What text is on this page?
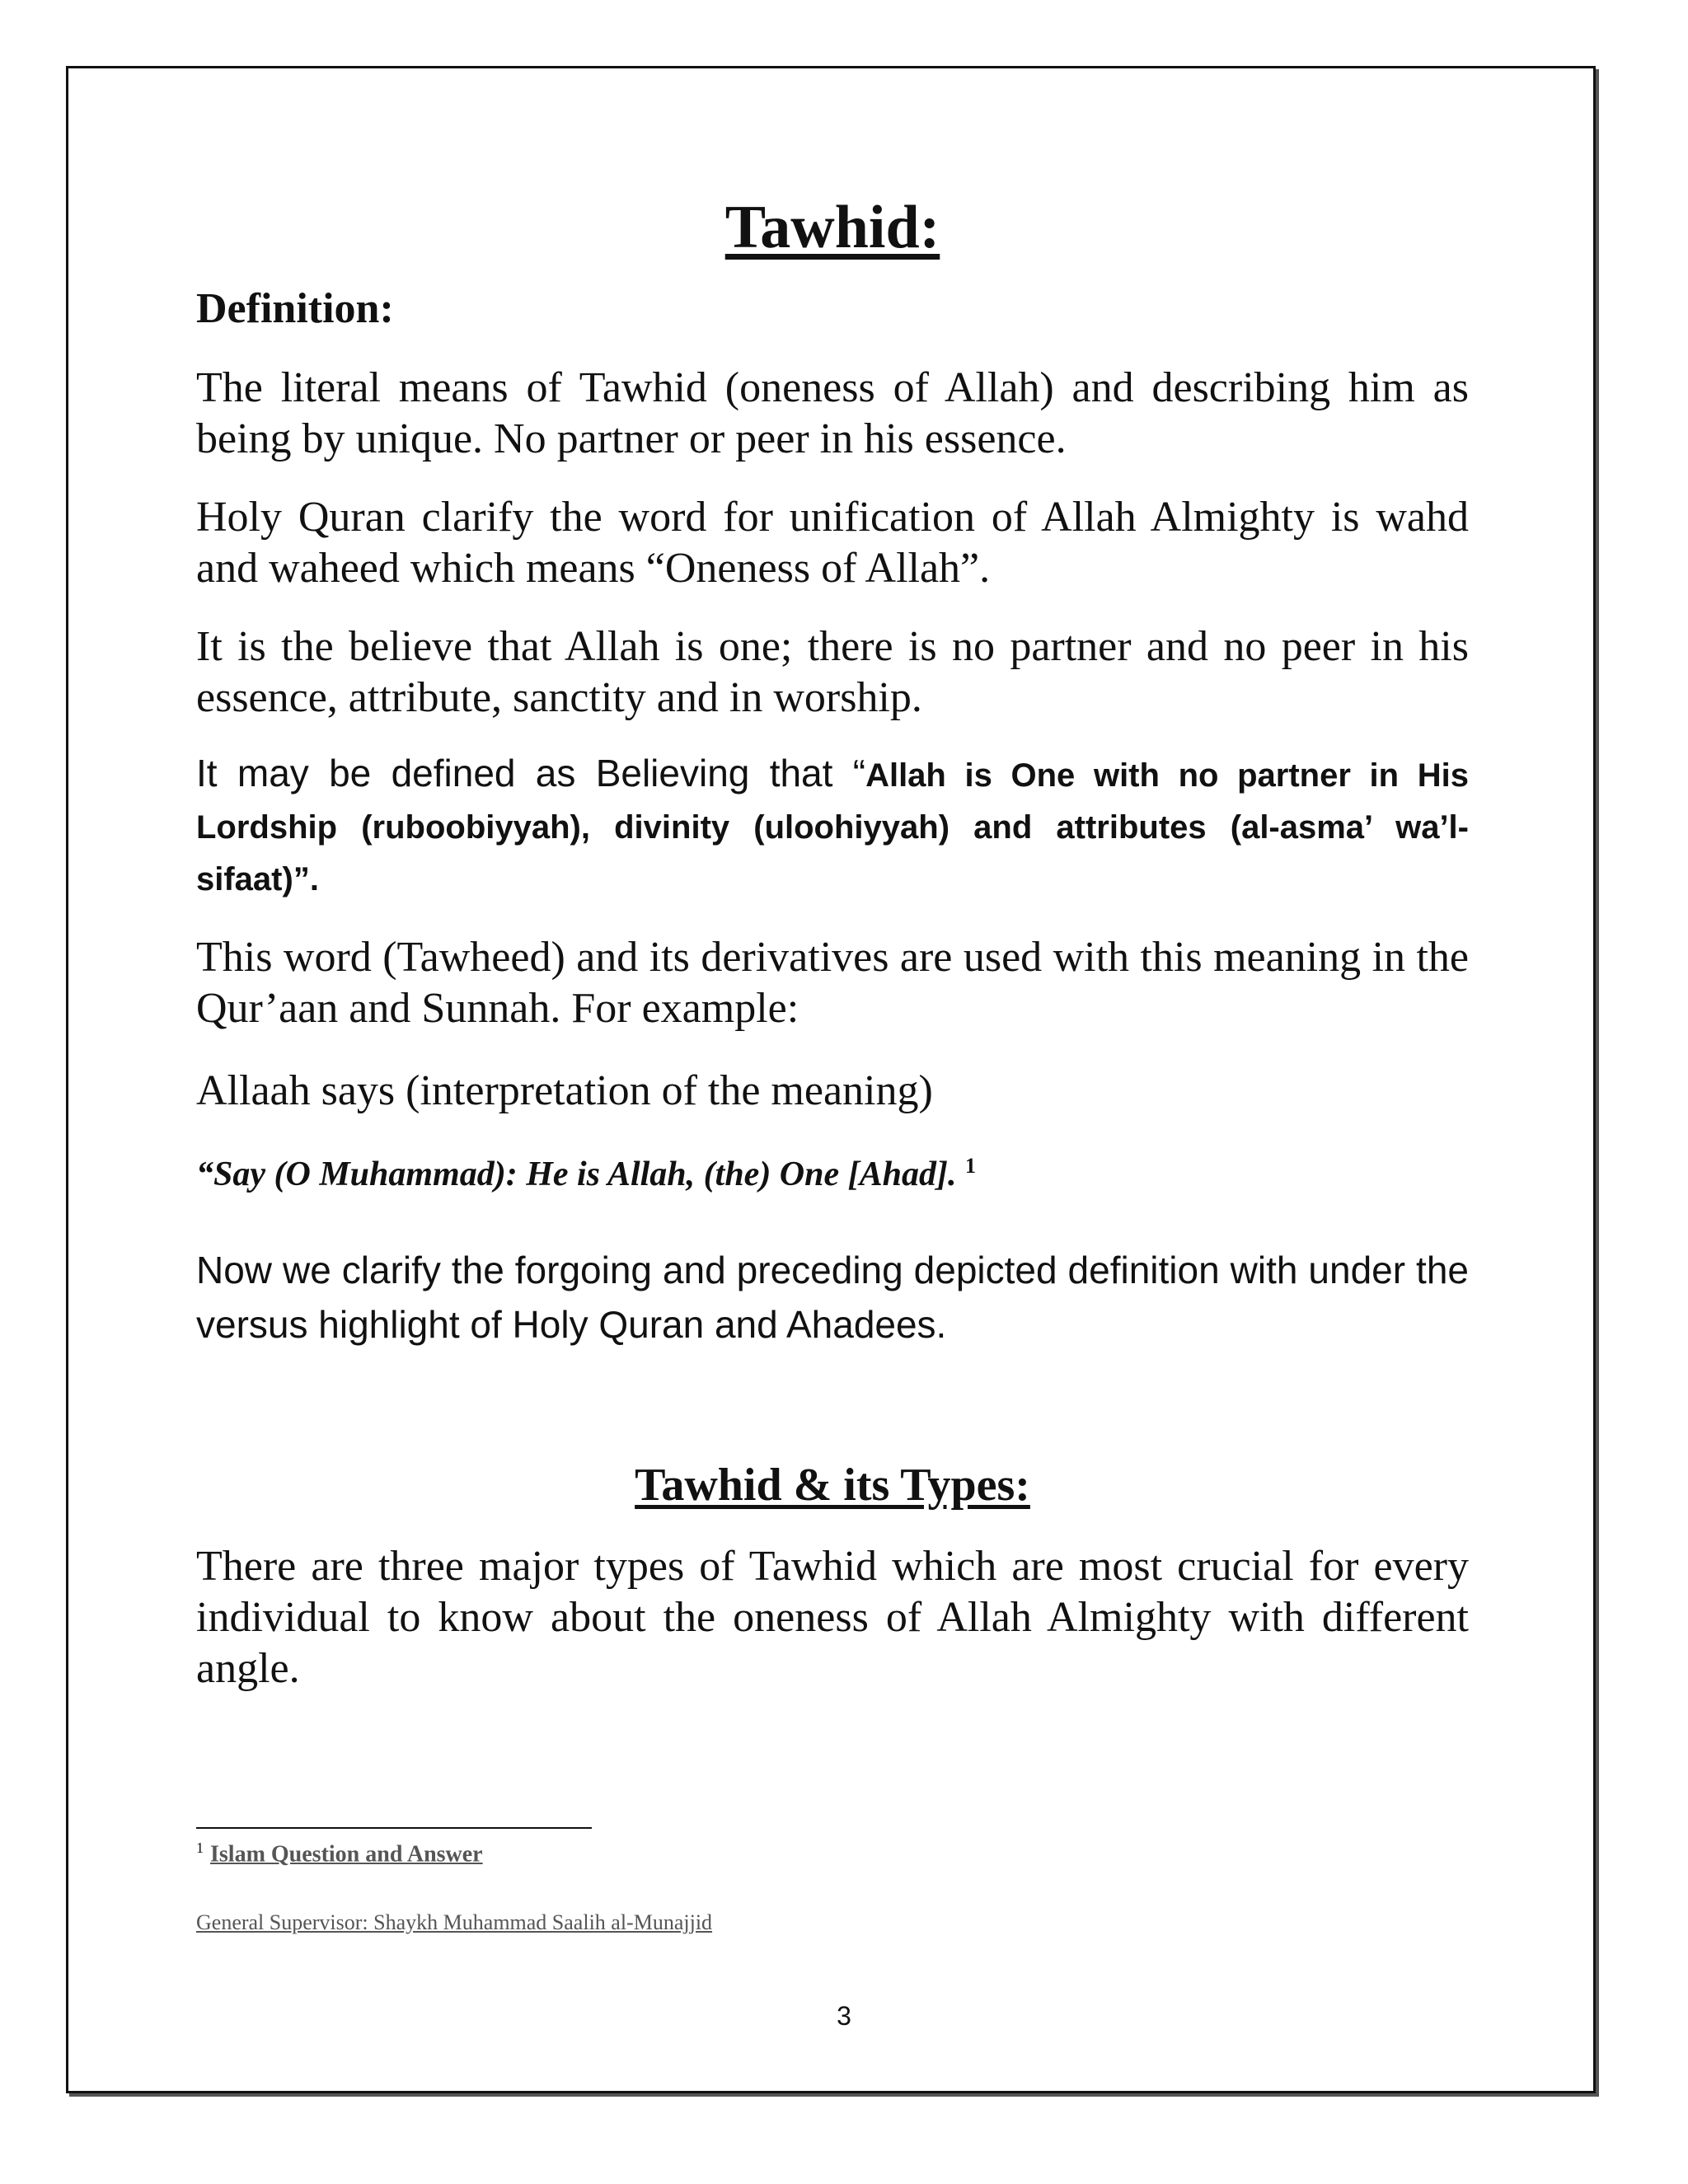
Tawhid:
Definition:

The literal means of Tawhid (oneness of Allah) and describing him as being by unique. No partner or peer in his essence.

Holy Quran clarify the word for unification of Allah Almighty is wahd and waheed which means “Oneness of Allah”.

It is the believe that Allah is one; there is no partner and no peer in his essence, attribute, sanctity and in worship.

It may be defined as Believing that “Allah is One with no partner in His Lordship (ruboobiyyah), divinity (uloohiyyah) and attributes (al-asma’ wa’l-sifaat)”.

This word (Tawheed) and its derivatives are used with this meaning in the Qur’aan and Sunnah. For example:

Allaah says (interpretation of the meaning)

“Say (O Muhammad): He is Allah, (the) One [Ahad]. $^1$

Now we clarify the forgoing and preceding depicted definition with under the versus highlight of Holy Quran and Ahadees.

Tawhid & its Types:

There are three major types of Tawhid which are most crucial for every individual to know about the oneness of Allah Almighty with different angle.

$^1$ Islam Question and Answer
General Supervisor: Shaykh Muhammad Saalih al-Munajjid
3
